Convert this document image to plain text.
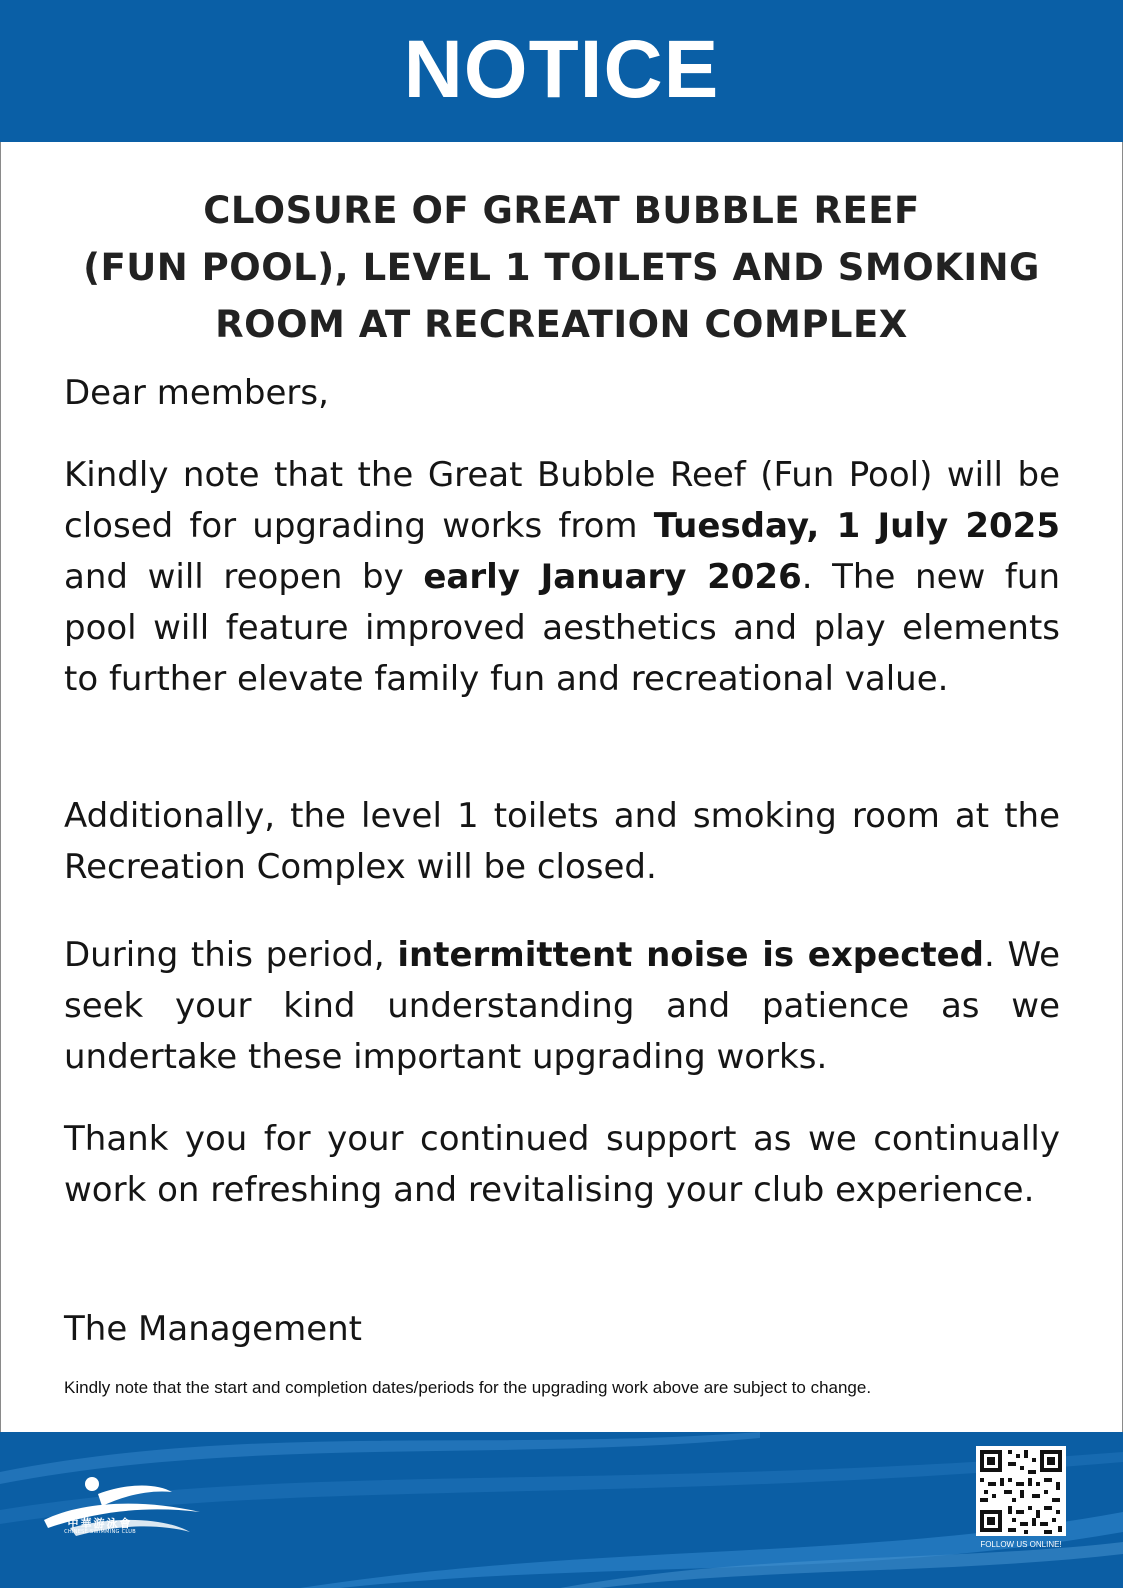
NOTICE
CLOSURE OF GREAT BUBBLE REEF
(FUN POOL), LEVEL 1 TOILETS AND SMOKING
ROOM AT RECREATION COMPLEX
Dear members,
Kindly note that the Great Bubble Reef (Fun Pool) will be closed for upgrading works from Tuesday, 1 July 2025 and will reopen by early January 2026. The new fun pool will feature improved aesthetics and play elements to further elevate family fun and recreational value.
Additionally, the level 1 toilets and smoking room at the Recreation Complex will be closed.
During this period, intermittent noise is expected. We seek your kind understanding and patience as we undertake these important upgrading works.
Thank you for your continued support as we continually work on refreshing and revitalising your club experience.
The Management
Kindly note that the start and completion dates/periods for the upgrading work above are subject to change.
中華游泳會
CHINESE SWIMMING CLUB
FOLLOW US ONLINE!
